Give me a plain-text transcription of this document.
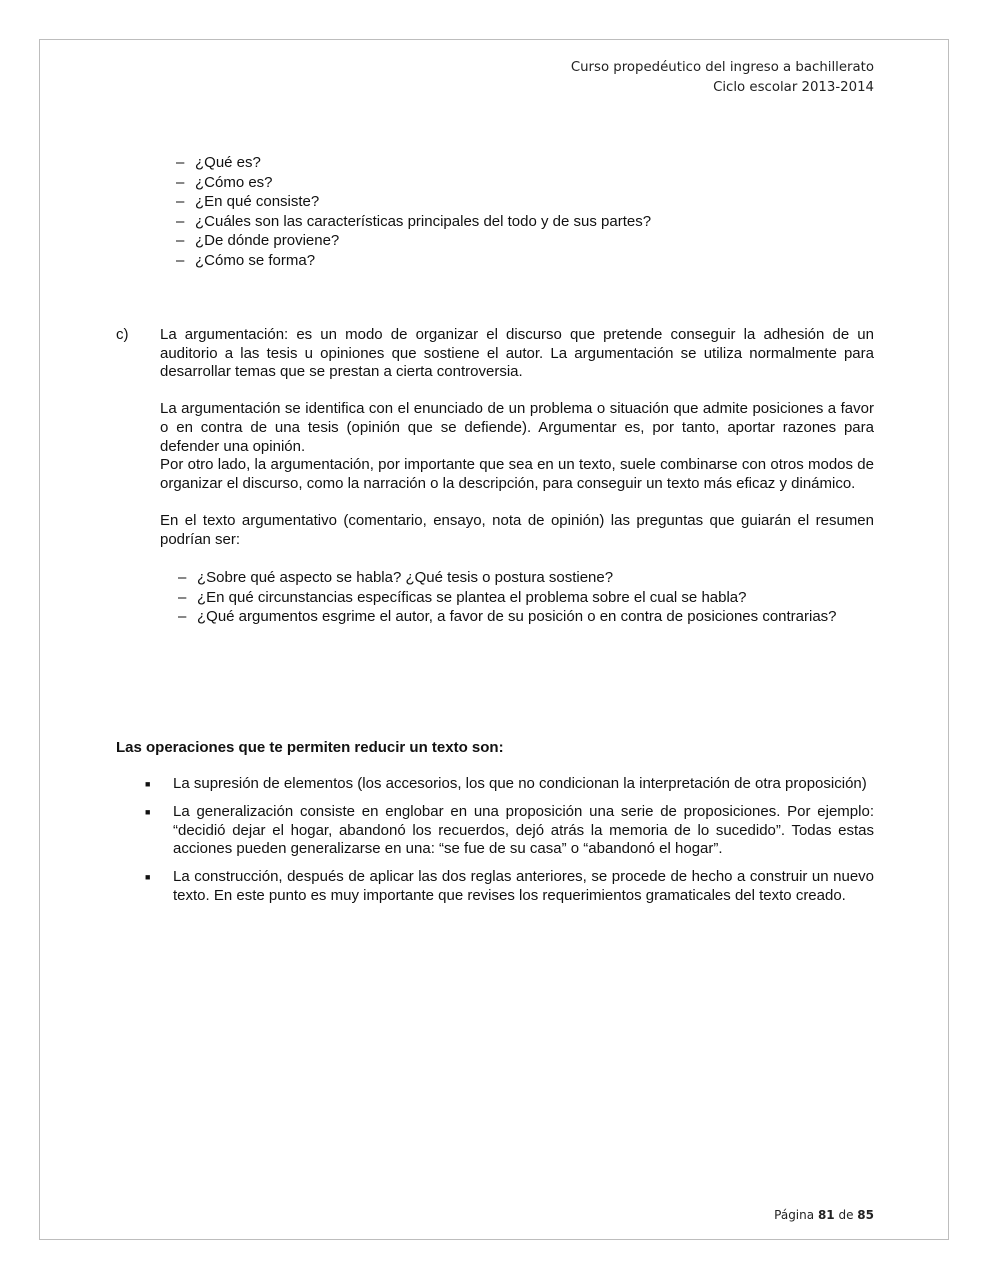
Curso propedéutico del ingreso a bachillerato
Ciclo escolar 2013-2014
– ¿Qué es?
– ¿Cómo es?
– ¿En qué consiste?
– ¿Cuáles son las características principales del todo y de sus partes?
– ¿De dónde proviene?
– ¿Cómo se forma?
c) La argumentación: es un modo de organizar el discurso que pretende conseguir la adhesión de un auditorio a las tesis u opiniones que sostiene el autor. La argumentación se utiliza normalmente para desarrollar temas que se prestan a cierta controversia.

La argumentación se identifica con el enunciado de un problema o situación que admite posiciones a favor o en contra de una tesis (opinión que se defiende). Argumentar es, por tanto, aportar razones para defender una opinión.

Por otro lado, la argumentación, por importante que sea en un texto, suele combinarse con otros modos de organizar el discurso, como la narración o la descripción, para conseguir un texto más eficaz y dinámico.

En el texto argumentativo (comentario, ensayo, nota de opinión) las preguntas que guiarán el resumen podrían ser:

– ¿Sobre qué aspecto se habla? ¿Qué tesis o postura sostiene?
– ¿En qué circunstancias específicas se plantea el problema sobre el cual se habla?
– ¿Qué argumentos esgrime el autor, a favor de su posición o en contra de posiciones contrarias?
Las operaciones que te permiten reducir un texto son:
■	La supresión de elementos (los accesorios, los que no condicionan la interpretación de otra proposición)
■	La generalización consiste en englobar en una proposición una serie de proposiciones. Por ejemplo: “decidió dejar el hogar, abandonó los recuerdos, dejó atrás la memoria de lo sucedido”. Todas estas acciones pueden generalizarse en una: “se fue de su casa” o “abandonó el hogar”.
■	La construcción, después de aplicar las dos reglas anteriores, se procede de hecho a construir un nuevo texto. En este punto es muy importante que revises los requerimientos gramaticales del texto creado.
Página 81 de 85
